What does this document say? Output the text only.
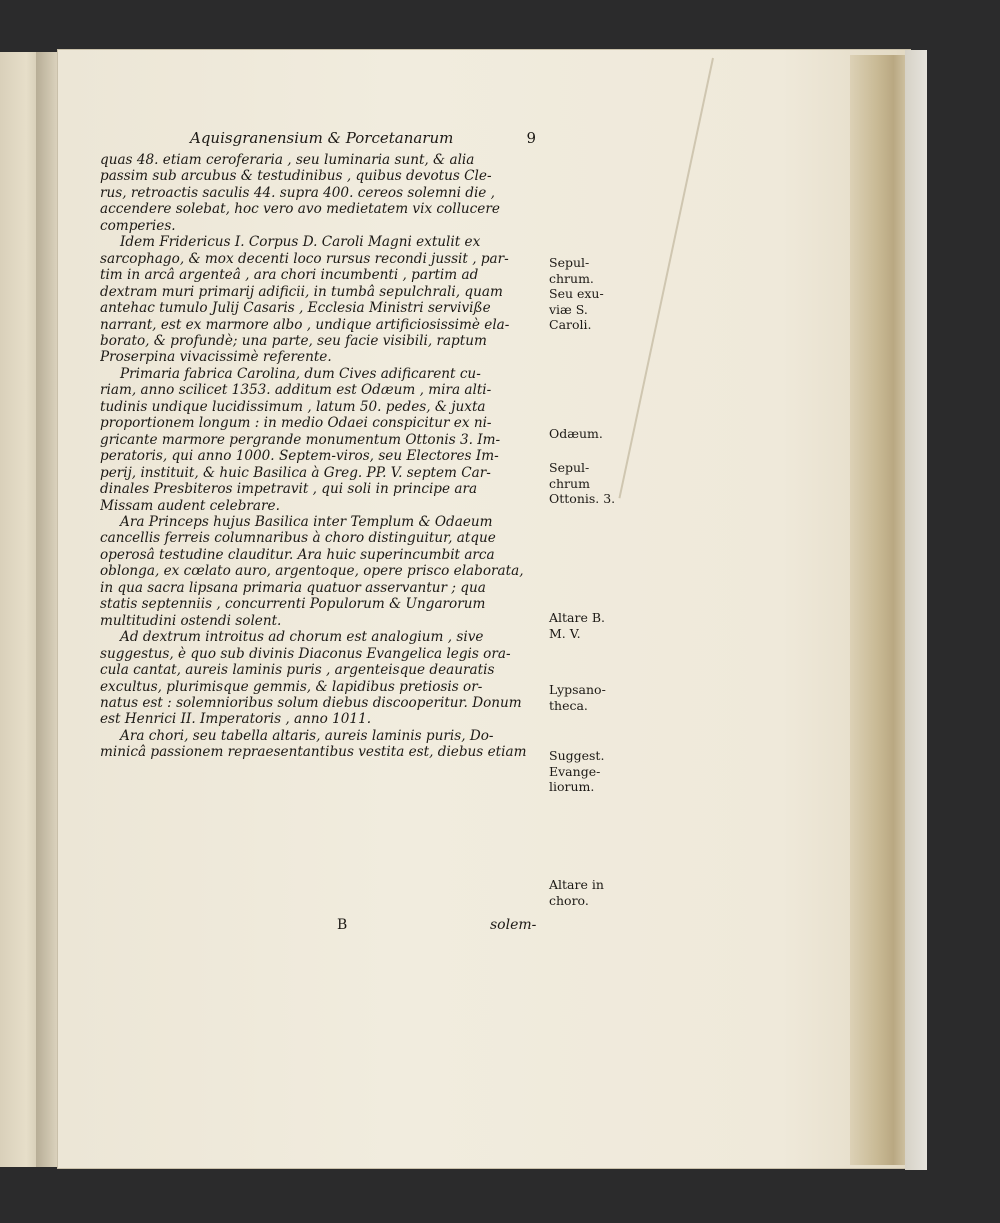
Aquisgranensium & Porcetanarum	9
quas 48. etiam ceroferaria , seu luminaria sunt, & alia
passim sub arcubus & testudinibus , quibus devotus Cle-
rus, retroactis saculis 44. supra 400. cereos solemni die ,
accendere solebat, hoc vero avo medietatem vix collucere
comperies.
Idem Fridericus I. Corpus D. Caroli Magni extulit ex
sarcophago, & mox decenti loco rursus recondi jussit , par-
tim in arcâ argenteâ , ara chori incumbenti , partim ad
dextram muri primarij adificii, in tumbâ sepulchrali, quam
antehac tumulo Julij Casaris , Ecclesia Ministri serviviße
narrant, est ex marmore albo , undique artificiosissimè ela-
borato, & profundè; una parte, seu facie visibili, raptum
Proserpina vivacissimè referente.
Primaria fabrica Carolina, dum Cives adificarent cu-
riam, anno scilicet 1353. additum est Odæum , mira alti-
tudinis undique lucidissimum , latum 50. pedes, & juxta
proportionem longum : in medio Odaei conspicitur ex ni-
gricante marmore pergrande monumentum Ottonis 3. Im-
peratoris, qui anno 1000. Septem-viros, seu Electores Im-
perij, instituit, & huic Basilica à Greg. PP. V. septem Car-
dinales Presbiteros impetravit , qui soli in principe ara
Missam audent celebrare.
Ara Princeps hujus Basilica inter Templum & Odaeum
cancellis ferreis columnaribus à choro distinguitur, atque
operosâ testudine clauditur. Ara huic superincumbit arca
oblonga, ex cœlato auro, argentoque, opere prisco elaborata,
in qua sacra lipsana primaria quatuor asservantur ; qua
statis septenniis , concurrenti Populorum & Ungarorum
multitudini ostendi solent.
Ad dextrum introitus ad chorum est analogium , sive
suggestus, è quo sub divinis Diaconus Evangelica legis ora-
cula cantat, aureis laminis puris , argenteisque deauratis
excultus, plurimisque gemmis, & lapidibus pretiosis or-
natus est : solemnioribus solum diebus discooperitur. Donum
est Henrici II. Imperatoris , anno 1011.
Ara chori, seu tabella altaris, aureis laminis puris, Do-
minicâ passionem repraesentantibus vestita est, diebus etiam
Sepul- chrum. Seu exu- viæ S. Caroli.
Odæum.
Sepul- chrum Ottonis. 3.
Altare B. M. V.
Lypsano- theca.
Suggest. Evange- liorum.
Altare in choro.
B	solem-
